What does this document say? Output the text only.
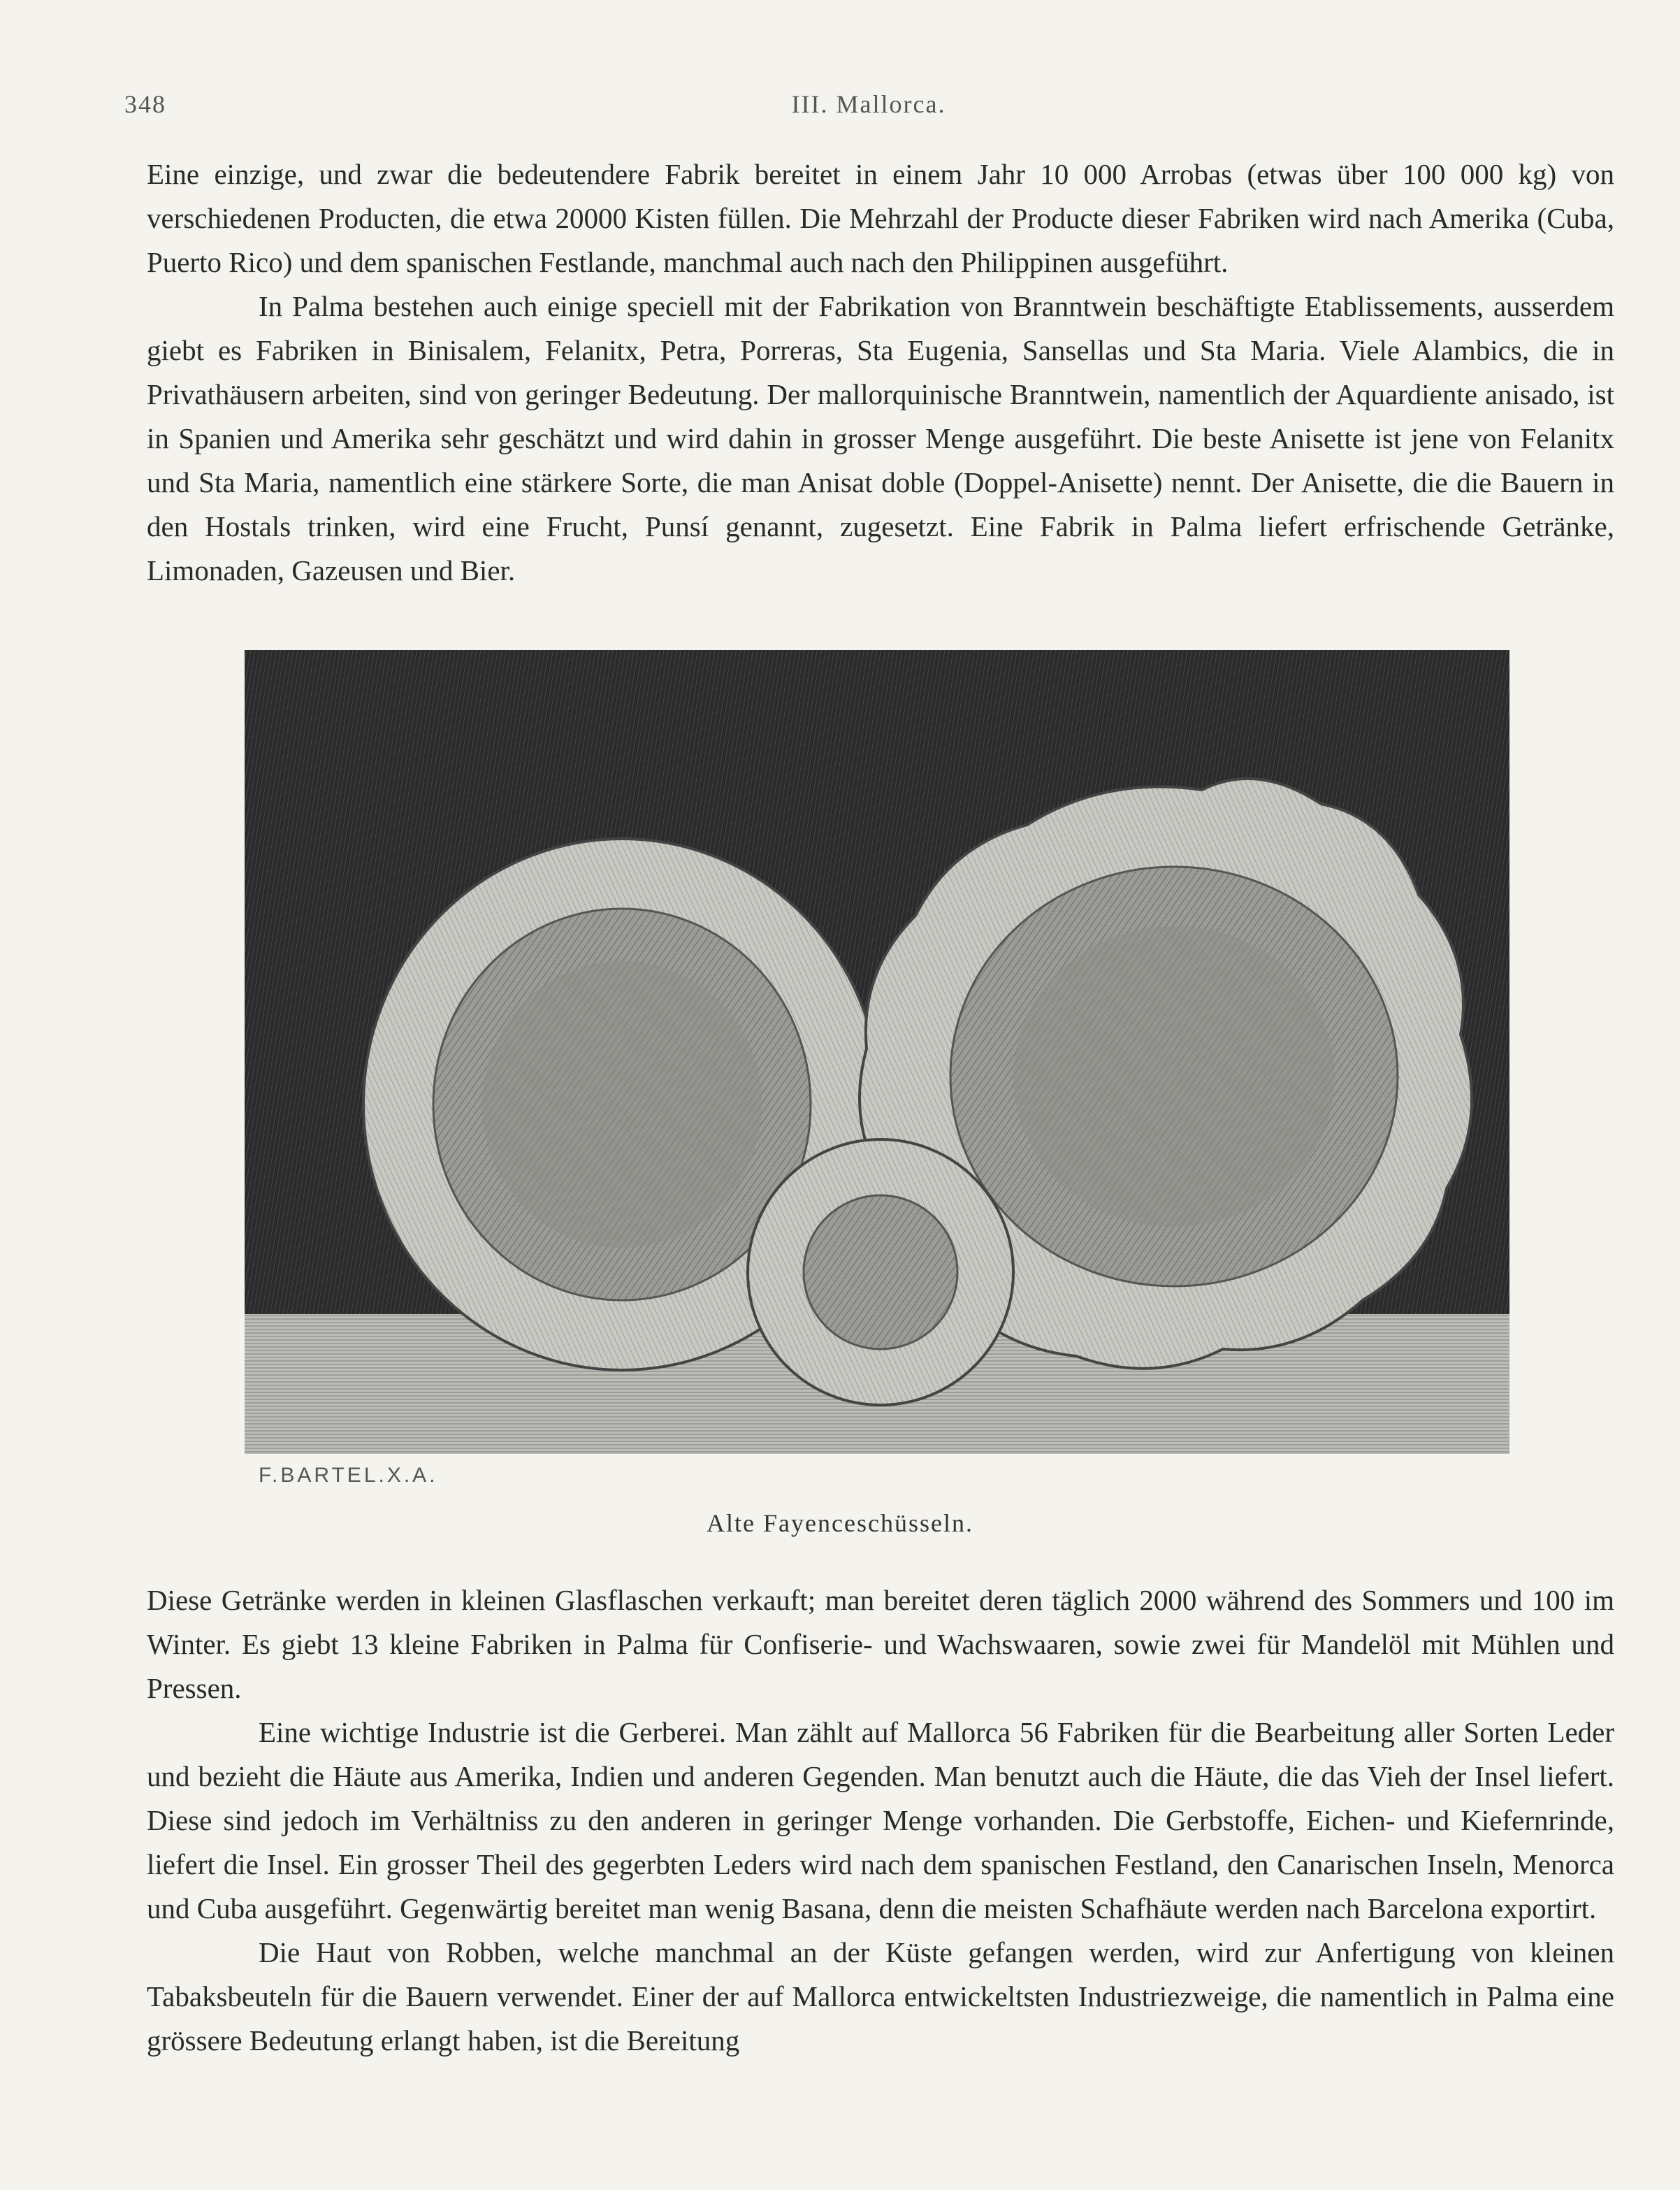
348	III. Mallorca.

Eine einzige, und zwar die bedeutendere Fabrik bereitet in einem Jahr 10 000 Arrobas (etwas über 100 000 kg) von verschiedenen Producten, die etwa 20000 Kisten füllen. Die Mehrzahl der Producte dieser Fabriken wird nach Amerika (Cuba, Puerto Rico) und dem spanischen Festlande, manchmal auch nach den Philippinen ausgeführt.

In Palma bestehen auch einige speciell mit der Fabrikation von Branntwein beschäftigte Etablissements, ausserdem giebt es Fabriken in Binisalem, Felanitx, Petra, Porreras, Sta Eugenia, Sansellas und Sta Maria. Viele Alambics, die in Privathäusern arbeiten, sind von geringer Bedeutung. Der mallorquinische Branntwein, namentlich der Aquardiente anisado, ist in Spanien und Amerika sehr geschätzt und wird dahin in grosser Menge ausgeführt. Die beste Anisette ist jene von Felanitx und Sta Maria, namentlich eine stärkere Sorte, die man Anisat doble (Doppel-Anisette) nennt. Der Anisette, die die Bauern in den Hostals trinken, wird eine Frucht, Punsí genannt, zugesetzt. Eine Fabrik in Palma liefert erfrischende Getränke, Limonaden, Gazeusen und Bier.

F.BARTEL.X.A.
Alte Fayenceschüsseln.

Diese Getränke werden in kleinen Glasflaschen verkauft; man bereitet deren täglich 2000 während des Sommers und 100 im Winter. Es giebt 13 kleine Fabriken in Palma für Confiserie- und Wachswaaren, sowie zwei für Mandelöl mit Mühlen und Pressen.

Eine wichtige Industrie ist die Gerberei. Man zählt auf Mallorca 56 Fabriken für die Bearbeitung aller Sorten Leder und bezieht die Häute aus Amerika, Indien und anderen Gegenden. Man benutzt auch die Häute, die das Vieh der Insel liefert. Diese sind jedoch im Verhältniss zu den anderen in geringer Menge vorhanden. Die Gerbstoffe, Eichen- und Kiefernrinde, liefert die Insel. Ein grosser Theil des gegerbten Leders wird nach dem spanischen Festland, den Canarischen Inseln, Menorca und Cuba ausgeführt. Gegenwärtig bereitet man wenig Basana, denn die meisten Schafhäute werden nach Barcelona exportirt.

Die Haut von Robben, welche manchmal an der Küste gefangen werden, wird zur Anfertigung von kleinen Tabaksbeuteln für die Bauern verwendet. Einer der auf Mallorca entwickeltsten Industriezweige, die namentlich in Palma eine grössere Bedeutung erlangt haben, ist die Bereitung
